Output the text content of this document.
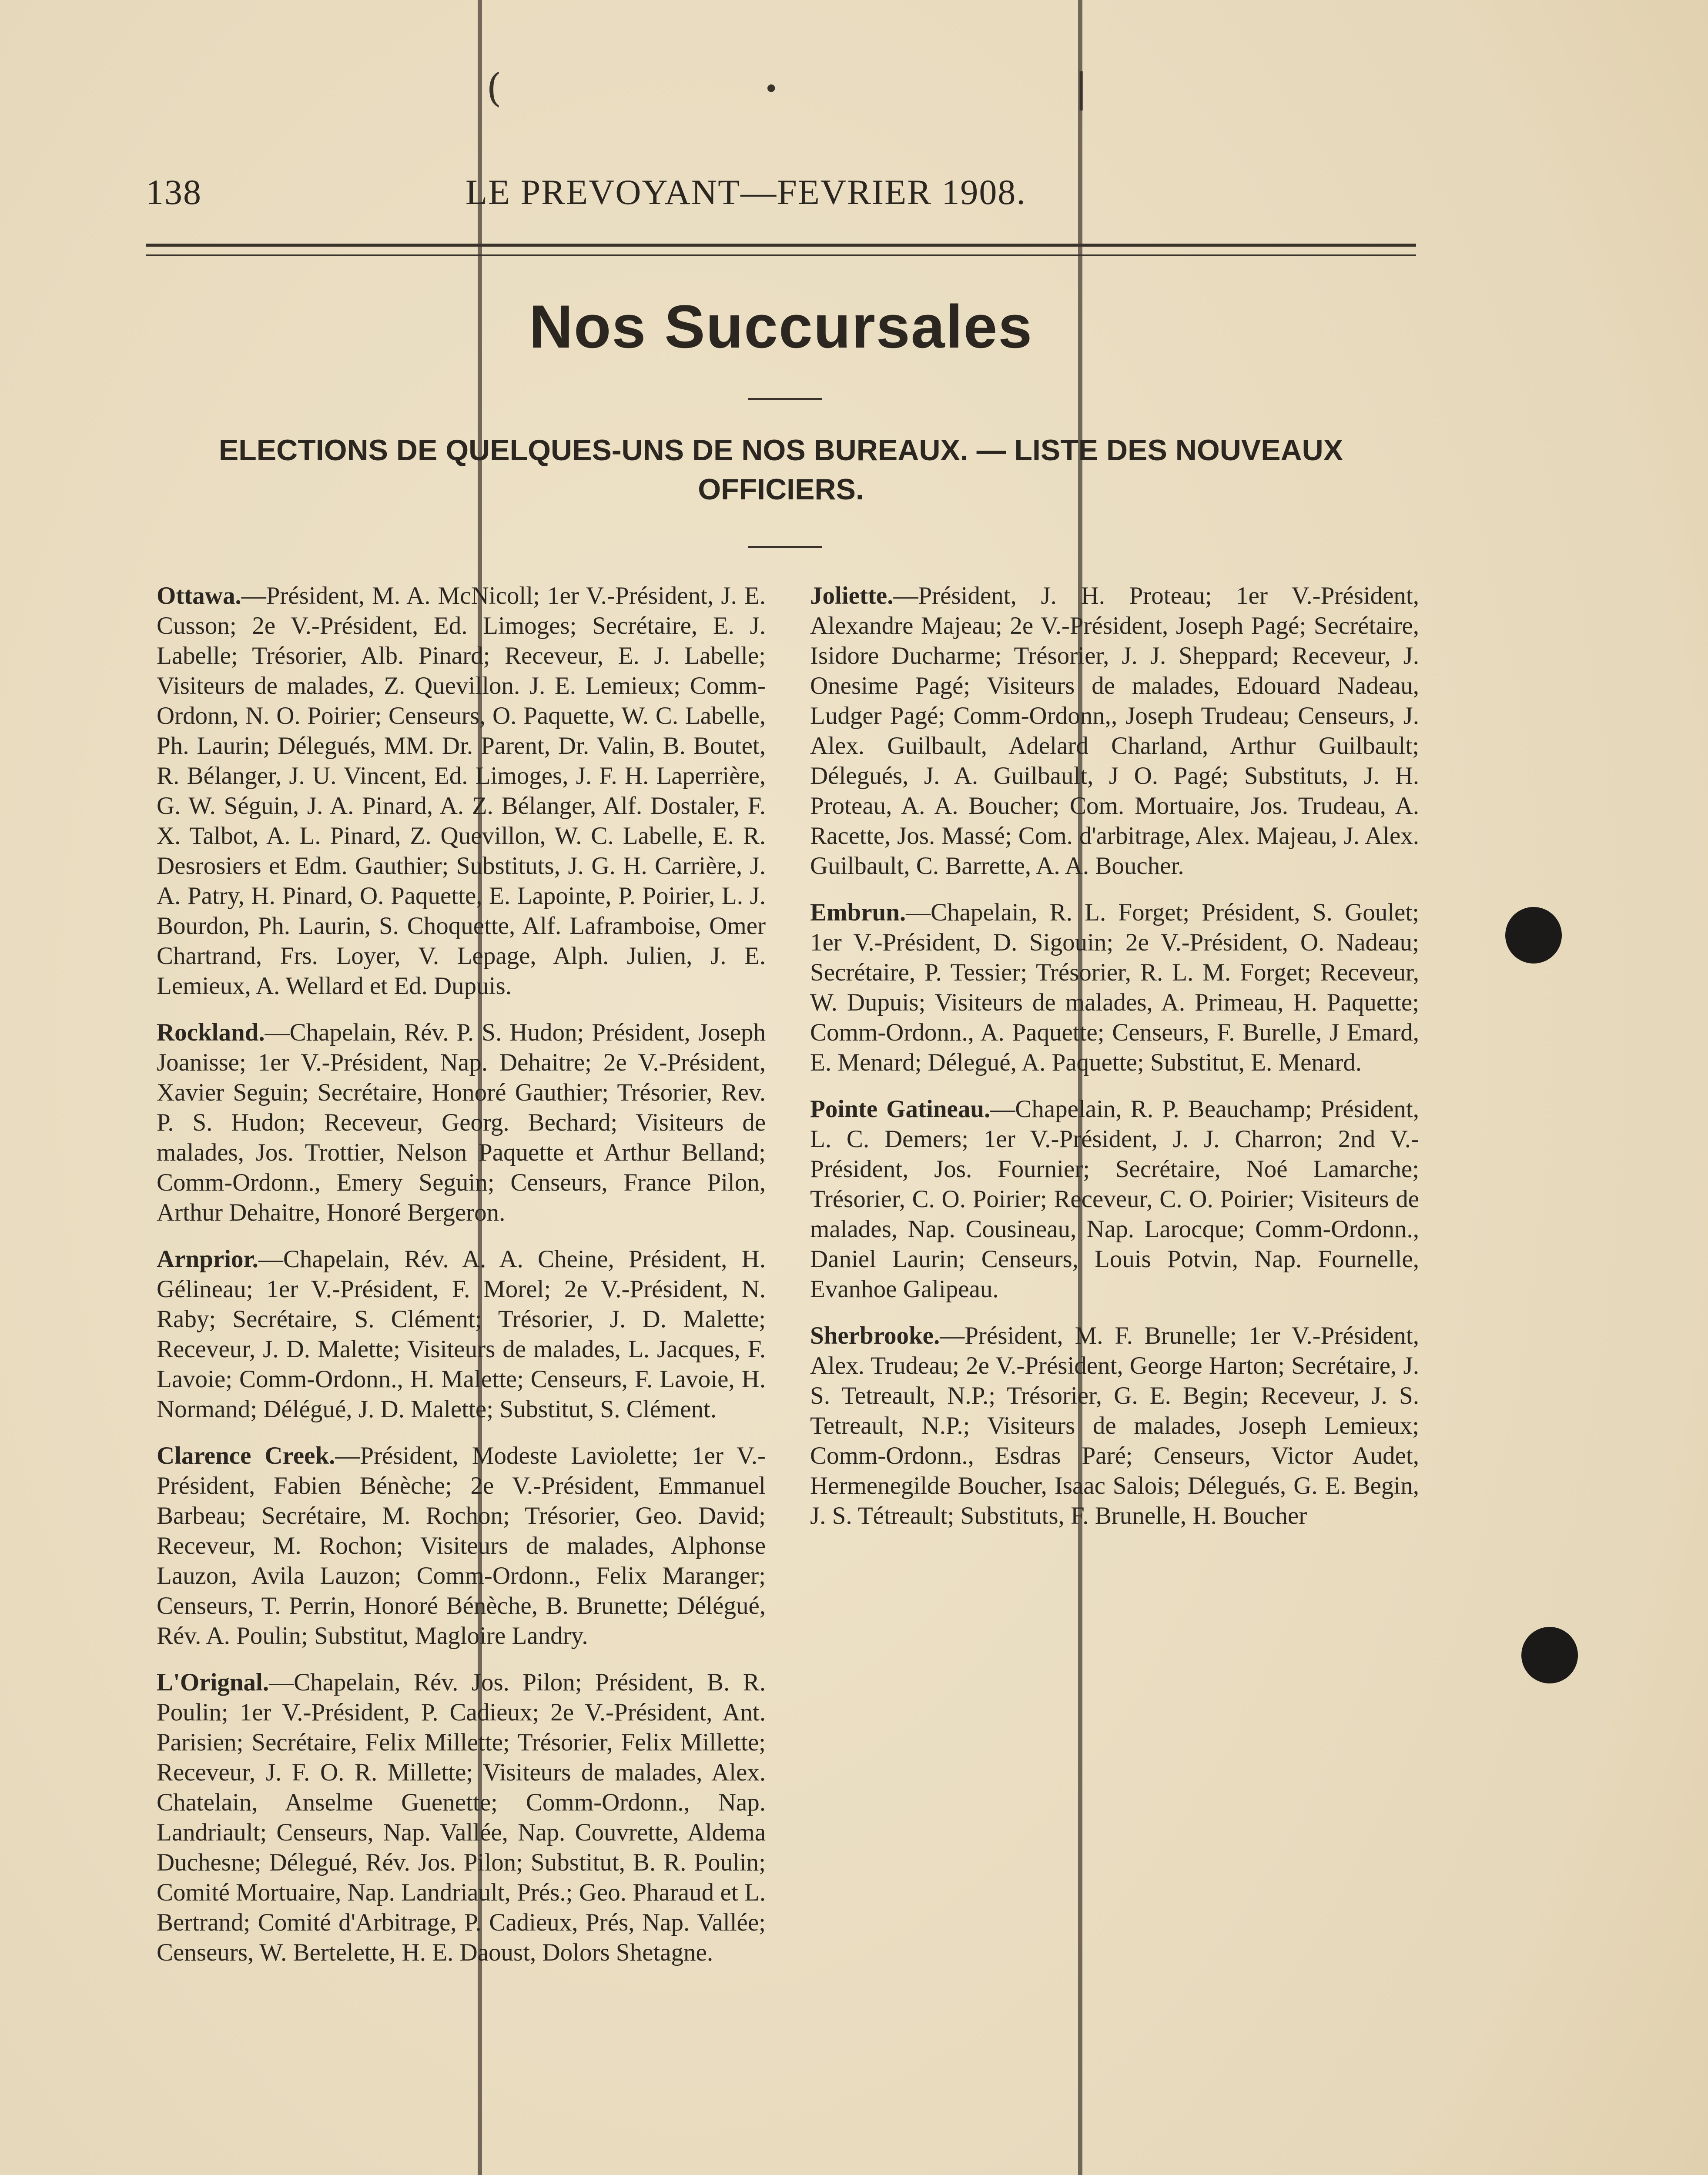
(	•	|
138	LE PREVOYANT—FEVRIER 1908.
Nos Succursales
ELECTIONS DE QUELQUES-UNS DE NOS BUREAUX. — LISTE DES NOUVEAUX OFFICIERS.

Ottawa.—Président, M. A. McNicoll; 1er V.-Président, J. E. Cusson; 2e V.-Président, Ed. Limoges; Secrétaire, E. J. Labelle; Trésorier, Alb. Pinard; Receveur, E. J. Labelle; Visiteurs de malades, Z. Quevillon. J. E. Lemieux; Comm-Ordonn, N. O. Poirier; Censeurs, O. Paquette, W. C. Labelle, Ph. Laurin; Délegués, MM. Dr. Parent, Dr. Valin, B. Boutet, R. Bélanger, J. U. Vincent, Ed. Limoges, J. F. H. Laperrière, G. W. Séguin, J. A. Pinard, A. Z. Bélanger, Alf. Dostaler, F. X. Talbot, A. L. Pinard, Z. Quevillon, W. C. Labelle, E. R. Desrosiers et Edm. Gauthier; Substituts, J. G. H. Carrière, J. A. Patry, H. Pinard, O. Paquette, E. Lapointe, P. Poirier, L. J. Bourdon, Ph. Laurin, S. Choquette, Alf. Laframboise, Omer Chartrand, Frs. Loyer, V. Lepage, Alph. Julien, J. E. Lemieux, A. Wellard et Ed. Dupuis.

Rockland.—Chapelain, Rév. P. S. Hudon; Président, Joseph Joanisse; 1er V.-Président, Nap. Dehaitre; 2e V.-Président, Xavier Seguin; Secrétaire, Honoré Gauthier; Trésorier, Rev. P. S. Hudon; Receveur, Georg. Bechard; Visiteurs de malades, Jos. Trottier, Nelson Paquette et Arthur Belland; Comm-Ordonn., Emery Seguin; Censeurs, France Pilon, Arthur Dehaitre, Honoré Bergeron.

Arnprior.—Chapelain, Rév. A. A. Cheine, Président, H. Gélineau; 1er V.-Président, F. Morel; 2e V.-Président, N. Raby; Secrétaire, S. Clément; Trésorier, J. D. Malette; Receveur, J. D. Malette; Visiteurs de malades, L. Jacques, F. Lavoie; Comm-Ordonn., H. Malette; Censeurs, F. Lavoie, H. Normand; Délégué, J. D. Malette; Substitut, S. Clément.

Clarence Creek.—Président, Modeste Laviolette; 1er V.-Président, Fabien Bénèche; 2e V.-Président, Emmanuel Barbeau; Secrétaire, M. Rochon; Trésorier, Geo. David; Receveur, M. Rochon; Visiteurs de malades, Alphonse Lauzon, Avila Lauzon; Comm-Ordonn., Felix Maranger; Censeurs, T. Perrin, Honoré Bénèche, B. Brunette; Délégué, Rév. A. Poulin; Substitut, Magloire Landry.

L'Orignal.—Chapelain, Rév. Jos. Pilon; Président, B. R. Poulin; 1er V.-Président, P. Cadieux; 2e V.-Président, Ant. Parisien; Secrétaire, Felix Millette; Trésorier, Felix Millette; Receveur, J. F. O. R. Millette; Visiteurs de malades, Alex. Chatelain, Anselme Guenette; Comm-Ordonn., Nap. Landriault; Censeurs, Nap. Vallée, Nap. Couvrette, Aldema Duchesne; Délegué, Rév. Jos. Pilon; Substitut, B. R. Poulin; Comité Mortuaire, Nap. Landriault, Prés.; Geo. Pharaud et L. Bertrand; Comité d'Arbitrage, P. Cadieux, Prés, Nap. Vallée; Censeurs, W. Bertelette, H. E. Daoust, Dolors Shetagne.

Joliette.—Président, J. H. Proteau; 1er V.-Président, Alexandre Majeau; 2e V.-Président, Joseph Pagé; Secrétaire, Isidore Ducharme; Trésorier, J. J. Sheppard; Receveur, J. Onesime Pagé; Visiteurs de malades, Edouard Nadeau, Ludger Pagé; Comm-Ordonn,, Joseph Trudeau; Censeurs, J. Alex. Guilbault, Adelard Charland, Arthur Guilbault; Délegués, J. A. Guilbault, J O. Pagé; Substituts, J. H. Proteau, A. A. Boucher; Com. Mortuaire, Jos. Trudeau, A. Racette, Jos. Massé; Com. d'arbitrage, Alex. Majeau, J. Alex. Guilbault, C. Barrette, A. A. Boucher.

Embrun.—Chapelain, R. L. Forget; Président, S. Goulet; 1er V.-Président, D. Sigouin; 2e V.-Président, O. Nadeau; Secrétaire, P. Tessier; Trésorier, R. L. M. Forget; Receveur, W. Dupuis; Visiteurs de malades, A. Primeau, H. Paquette; Comm-Ordonn., A. Paquette; Censeurs, F. Burelle, J Emard, E. Menard; Délegué, A. Paquette; Substitut, E. Menard.

Pointe Gatineau.—Chapelain, R. P. Beauchamp; Président, L. C. Demers; 1er V.-Président, J. J. Charron; 2nd V.-Président, Jos. Fournier; Secrétaire, Noé Lamarche; Trésorier, C. O. Poirier; Receveur, C. O. Poirier; Visiteurs de malades, Nap. Cousineau, Nap. Larocque; Comm-Ordonn., Daniel Laurin; Censeurs, Louis Potvin, Nap. Fournelle, Evanhoe Galipeau.

Sherbrooke.—Président, M. F. Brunelle; 1er V.-Président, Alex. Trudeau; 2e V.-Président, George Harton; Secrétaire, J. S. Tetreault, N.P.; Trésorier, G. E. Begin; Receveur, J. S. Tetreault, N.P.; Visiteurs de malades, Joseph Lemieux; Comm-Ordonn., Esdras Paré; Censeurs, Victor Audet, Hermenegilde Boucher, Isaac Salois; Délegués, G. E. Begin, J. S. Tétreault; Substituts, F. Brunelle, H. Boucher
